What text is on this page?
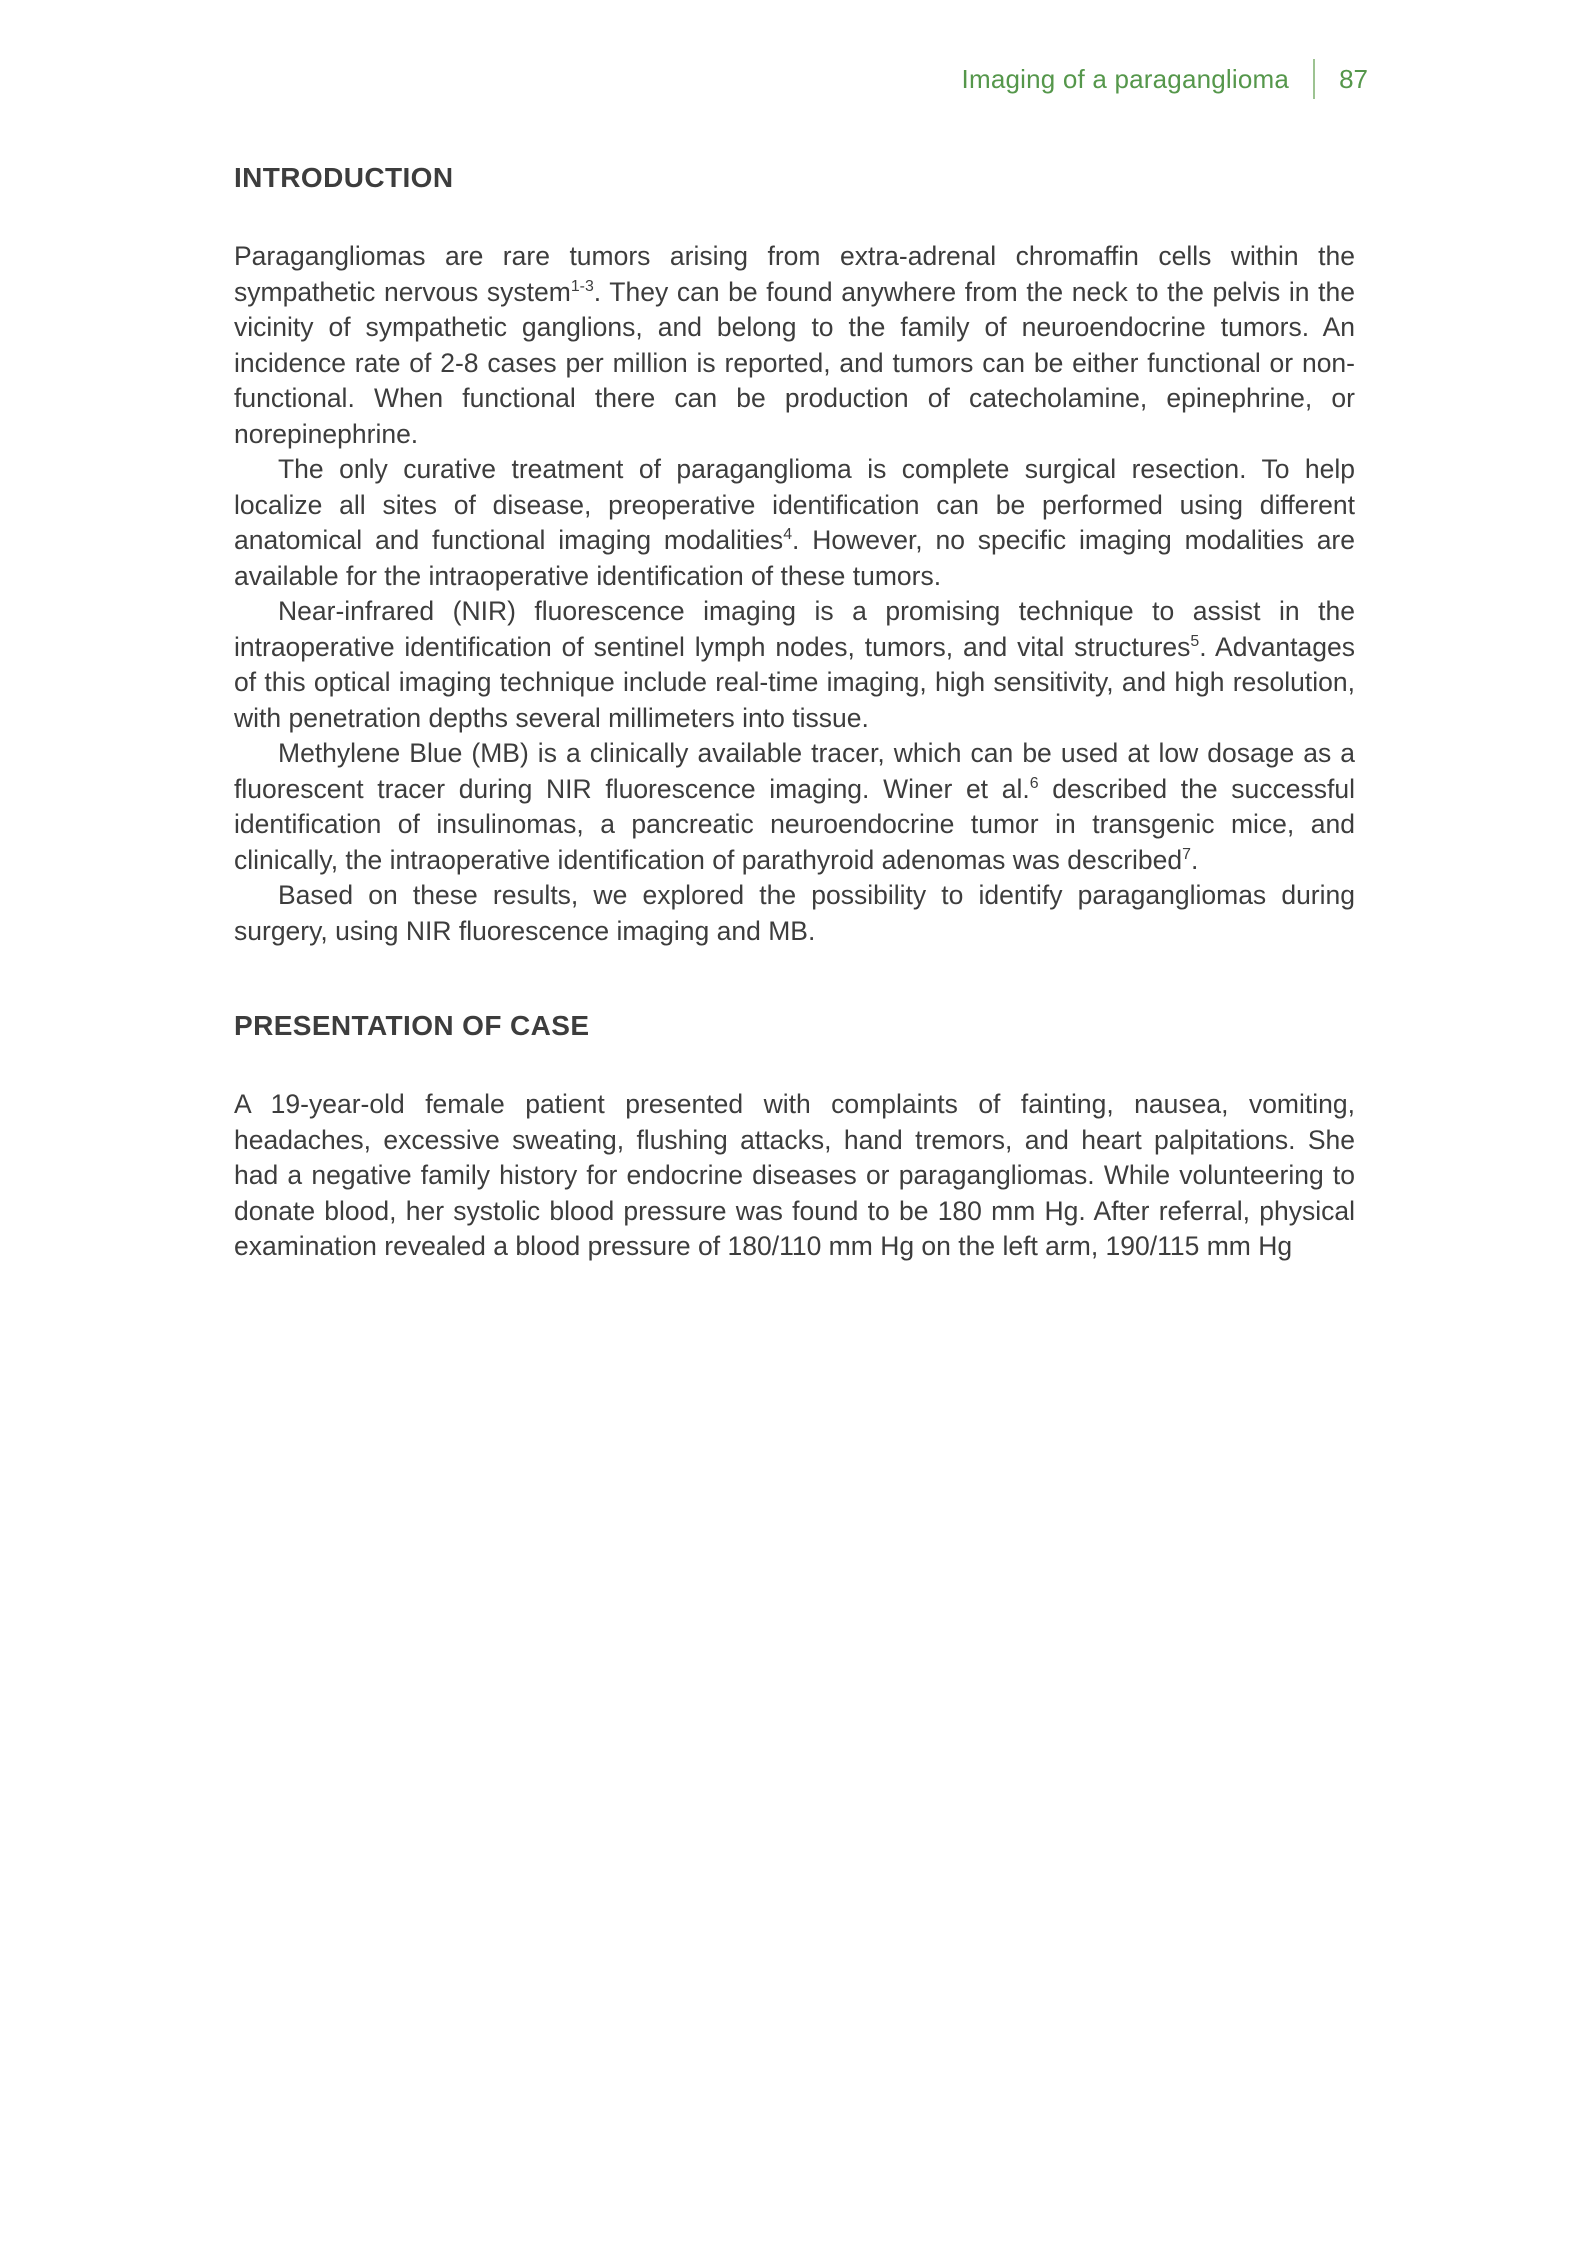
Imaging of a paraganglioma 87
INTRODUCTION

Paragangliomas are rare tumors arising from extra-adrenal chromaffin cells within the sympathetic nervous system$^{1-3}$. They can be found anywhere from the neck to the pelvis in the vicinity of sympathetic ganglions, and belong to the family of neuroendocrine tumors. An incidence rate of 2-8 cases per million is reported, and tumors can be either functional or non-functional. When functional there can be production of catecholamine, epinephrine, or norepinephrine.

The only curative treatment of paraganglioma is complete surgical resection. To help localize all sites of disease, preoperative identification can be performed using different anatomical and functional imaging modalities$^4$. However, no specific imaging modalities are available for the intraoperative identification of these tumors.

Near-infrared (NIR) fluorescence imaging is a promising technique to assist in the intraoperative identification of sentinel lymph nodes, tumors, and vital structures$^5$. Advantages of this optical imaging technique include real-time imaging, high sensitivity, and high resolution, with penetration depths several millimeters into tissue.

Methylene Blue (MB) is a clinically available tracer, which can be used at low dosage as a fluorescent tracer during NIR fluorescence imaging. Winer et al.$^6$ described the successful identification of insulinomas, a pancreatic neuroendocrine tumor in transgenic mice, and clinically, the intraoperative identification of parathyroid adenomas was described$^7$.

Based on these results, we explored the possibility to identify paragangliomas during surgery, using NIR fluorescence imaging and MB.

PRESENTATION OF CASE

A 19-year-old female patient presented with complaints of fainting, nausea, vomiting, headaches, excessive sweating, flushing attacks, hand tremors, and heart palpitations. She had a negative family history for endocrine diseases or paragangliomas. While volunteering to donate blood, her systolic blood pressure was found to be 180 mm Hg. After referral, physical examination revealed a blood pressure of 180/110 mm Hg on the left arm, 190/115 mm Hg
